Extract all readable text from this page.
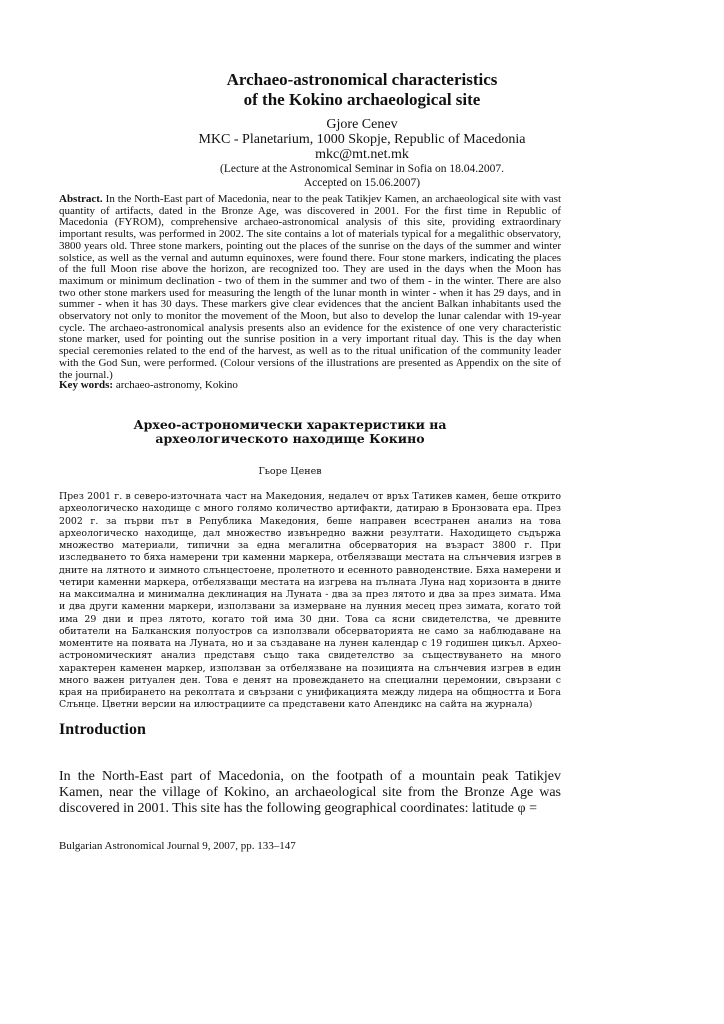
Archaeo-astronomical characteristics
of the Kokino archaeological site
Gjore Cenev
MKC - Planetarium, 1000 Skopje, Republic of Macedonia
mkc@mt.net.mk
(Lecture at the Astronomical Seminar in Sofia on 18.04.2007.
Accepted on 15.06.2007)
Abstract. In the North-East part of Macedonia, near to the peak Tatikjev Kamen, an archaeological site with vast quantity of artifacts, dated in the Bronze Age, was discovered in 2001. For the first time in Republic of Macedonia (FYROM), comprehensive archaeo-astronomical analysis of this site, providing extraordinary important results, was performed in 2002. The site contains a lot of materials typical for a megalithic observatory, 3800 years old. Three stone markers, pointing out the places of the sunrise on the days of the summer and winter solstice, as well as the vernal and autumn equinoxes, were found there. Four stone markers, indicating the places of the full Moon rise above the horizon, are recognized too. They are used in the days when the Moon has maximum or minimum declination - two of them in the summer and two of them - in the winter. There are also two other stone markers used for measuring the length of the lunar month in winter - when it has 29 days, and in summer - when it has 30 days. These markers give clear evidences that the ancient Balkan inhabitants used the observatory not only to monitor the movement of the Moon, but also to develop the lunar calendar with 19-year cycle. The archaeo-astronomical analysis presents also an evidence for the existence of one very characteristic stone marker, used for pointing out the sunrise position in a very important ritual day. This is the day when special ceremonies related to the end of the harvest, as well as to the ritual unification of the community leader with the God Sun, were performed. (Colour versions of the illustrations are presented as Appendix on the site of the journal.)
Key words: archaeo-astronomy, Kokino
Археo-астрономически характеристики на
археологическото находище Кокино
Гьоре Ценев
През 2001 г. в северо-източната част на Македония, недалеч от връх Татикев камен, беше открито археологическо находище с много голямо количество артифакти, датираю в Бронзовата ера. През 2002 г. за първи път в Република Македония, беше направен всестранен анализ на това археологическо находище, дал множество извънредно важни резултати. Находището съдържа множество материали, типични за една мегалитна обсерватория на възраст 3800 г. При изследването то бяха намерени три каменни маркера, отбелязващи местата на слънчевия изгрев в дните на лятното и зимното слънцестоене, пролетното и есенното равноденствие. Бяха намерени и четири каменни маркера, отбелязващи местата на изгрева на пълната Луна над хоризонта в дните на максимална и минимална деклинация на Луната - два за през лятото и два за през зимата. Има и два други каменни маркери, използвани за измерване на лунния месец през зимата, когато той има 29 дни и през лятото, когато той има 30 дни. Това са ясни свидетелства, че древните обитатели на Балканския полуостров са използвали обсерваторията не само за наблюдаване на моментите на появата на Луната, но и за създаване на лунен календар с 19 годишен цикъл. Археo-астрономическият анализ представя също така свидетелство за съществуването на много характерен каменен маркер, използван за отбелязване на позицията на слънчевия изгрев в един много важен ритуален ден. Това е денят на провеждането на специални церемонии, свързани с края на прибирането на реколтата и свързани с унификацията между лидера на общността и Бога Слънце. Цветни версии на илюстрациите са представени като Апендикс на сайта на журнала)
Introduction
In the North-East part of Macedonia, on the footpath of a mountain peak Tatikjev Kamen, near the village of Kokino, an archaeological site from the Bronze Age was discovered in 2001. This site has the following geographical coordinates: latitude φ =
Bulgarian Astronomical Journal 9, 2007, pp. 133–147
